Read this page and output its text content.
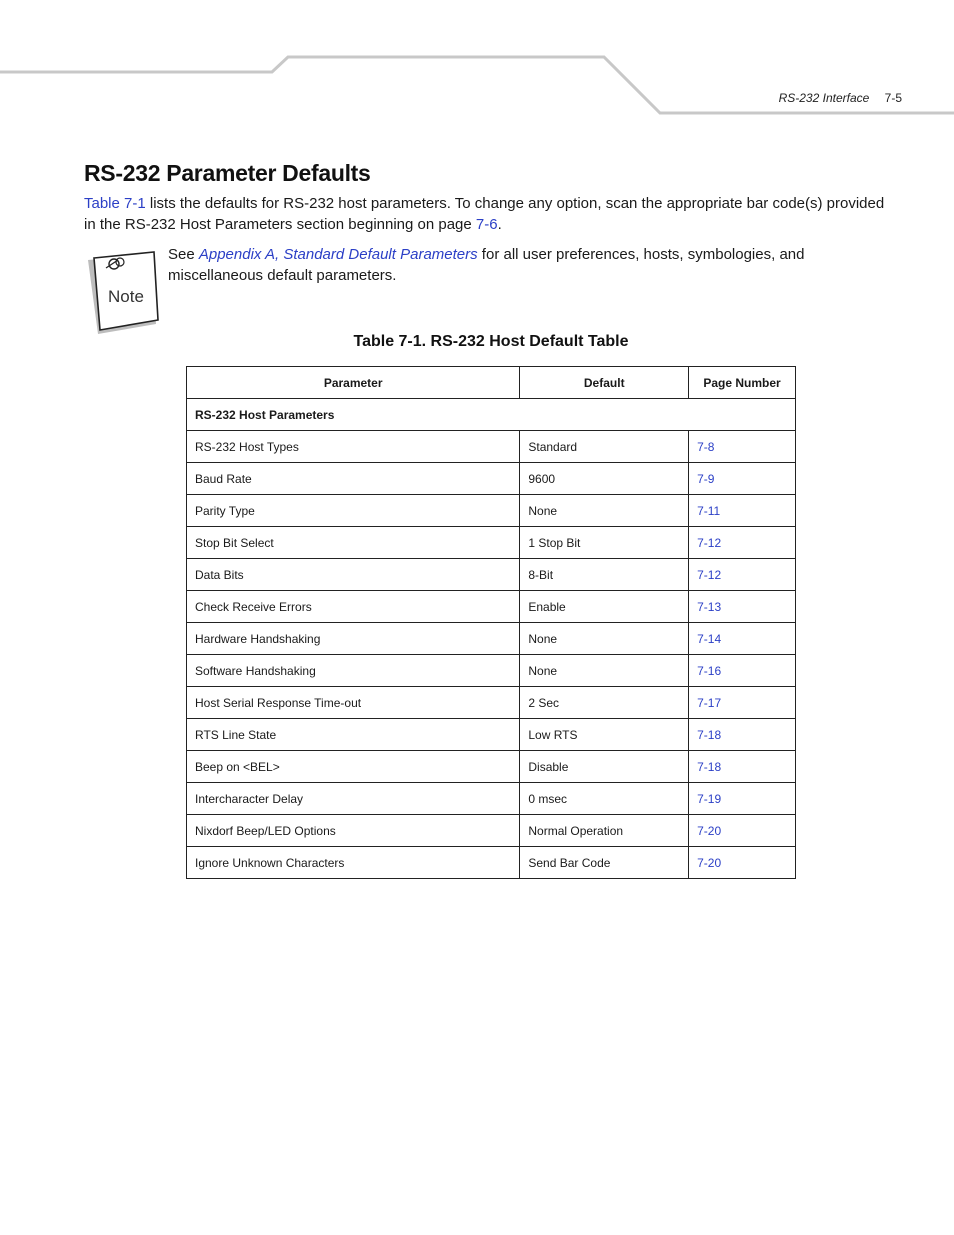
RS-232 Interface 7-5
RS-232 Parameter Defaults

Table 7-1 lists the defaults for RS-232 host parameters. To change any option, scan the appropriate bar code(s) provided in the RS-232 Host Parameters section beginning on page 7-6.

Note

See Appendix A, Standard Default Parameters for all user preferences, hosts, symbologies, and miscellaneous default parameters.

Table 7-1. RS-232 Host Default Table

Parameter	Default	Page Number
RS-232 Host Parameters		
RS-232 Host Types	Standard	7-8
Baud Rate	9600	7-9
Parity Type	None	7-11
Stop Bit Select	1 Stop Bit	7-12
Data Bits	8-Bit	7-12
Check Receive Errors	Enable	7-13
Hardware Handshaking	None	7-14
Software Handshaking	None	7-16
Host Serial Response Time-out	2 Sec	7-17
RTS Line State	Low RTS	7-18
Beep on <BEL>	Disable	7-18
Intercharacter Delay	0 msec	7-19
Nixdorf Beep/LED Options	Normal Operation	7-20
Ignore Unknown Characters	Send Bar Code	7-20
